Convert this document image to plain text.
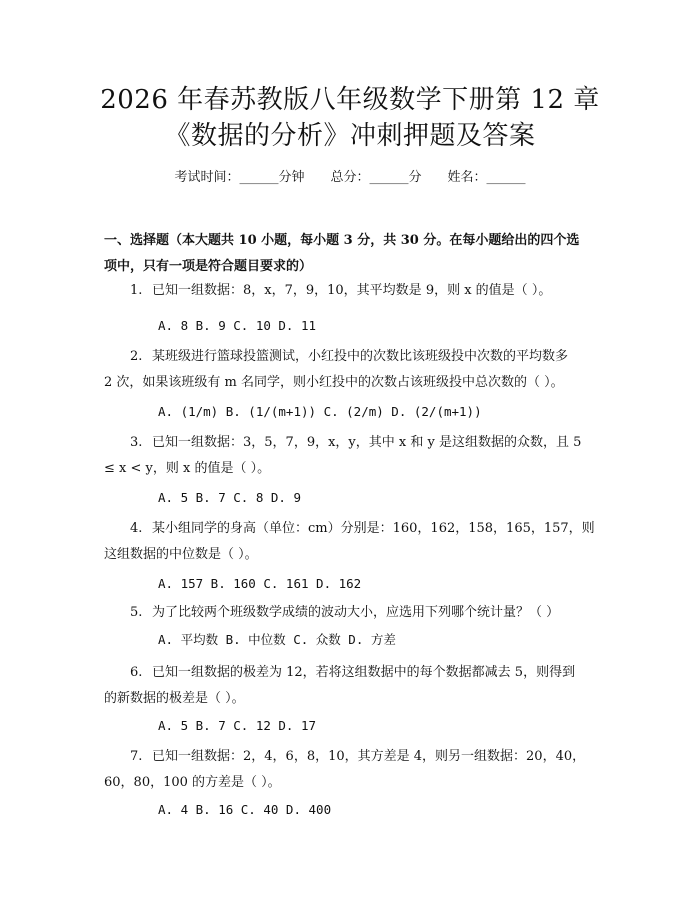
2026 年春苏教版八年级数学下册第 12 章
《数据的分析》冲刺押题及答案
考试时间：______分钟 总分：______分 姓名：______
一、选择题（本大题共 10 小题，每小题 3 分，共 30 分。在每小题给出的四个选
项中，只有一项是符合题目要求的）
1. 已知一组数据：8，x，7，9，10，其平均数是 9，则 x 的值是（ ）。
A. 8 B. 9 C. 10 D. 11
2. 某班级进行篮球投篮测试，小红投中的次数比该班级投中次数的平均数多
2 次，如果该班级有 m 名同学，则小红投中的次数占该班级投中总次数的（ ）。
A. (1/m) B. (1/(m+1)) C. (2/m) D. (2/(m+1))
3. 已知一组数据：3，5，7，9，x，y，其中 x 和 y 是这组数据的众数，且 5
≤ x < y，则 x 的值是（ ）。
A. 5 B. 7 C. 8 D. 9
4. 某小组同学的身高（单位：cm）分别是：160，162，158，165，157，则
这组数据的中位数是（ ）。
A. 157 B. 160 C. 161 D. 162
5. 为了比较两个班级数学成绩的波动大小，应选用下列哪个统计量？（ ）
A. 平均数 B. 中位数 C. 众数 D. 方差
6. 已知一组数据的极差为 12，若将这组数据中的每个数据都减去 5，则得到
的新数据的极差是（ ）。
A. 5 B. 7 C. 12 D. 17
7. 已知一组数据：2，4，6，8，10，其方差是 4，则另一组数据：20，40，
60，80，100 的方差是（ ）。
A. 4 B. 16 C. 40 D. 400
